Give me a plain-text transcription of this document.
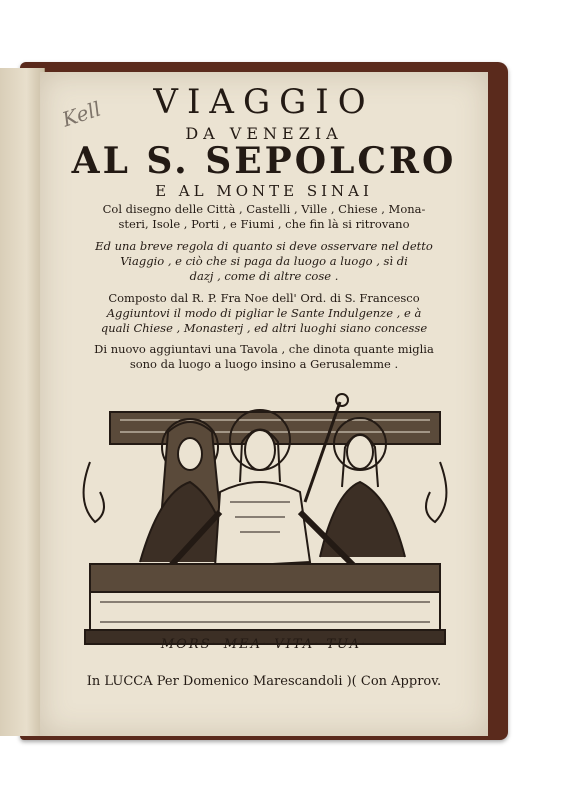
Kell	VIAGGIO
DA VENEZIA
AL S. SEPOLCRO
E AL MONTE SINAI
Col disegno delle Città , Castelli , Ville , Chiese , Mona-
steri, Isole , Porti , e Fiumi , che fin là si ritrovano
Ed una breve regola di quanto si deve osservare nel detto
Viaggio , e ciò che si paga da luogo a luogo , sì di
dazj , come di altre cose .
Composto dal R. P. Fra Noe dell' Ord. di S. Francesco
Aggiuntovi il modo di pigliar le Sante Indulgenze , e à
quali Chiese , Monasterj , ed altri luoghi siano concesse
Di nuovo aggiuntavi una Tavola , che dinota quante miglia
sono da luogo a luogo insino a Gerusalemme .
MORS· MEA· VITA· TUA·
In LUCCA Per Domenico Marescandoli )( Con Approv.
